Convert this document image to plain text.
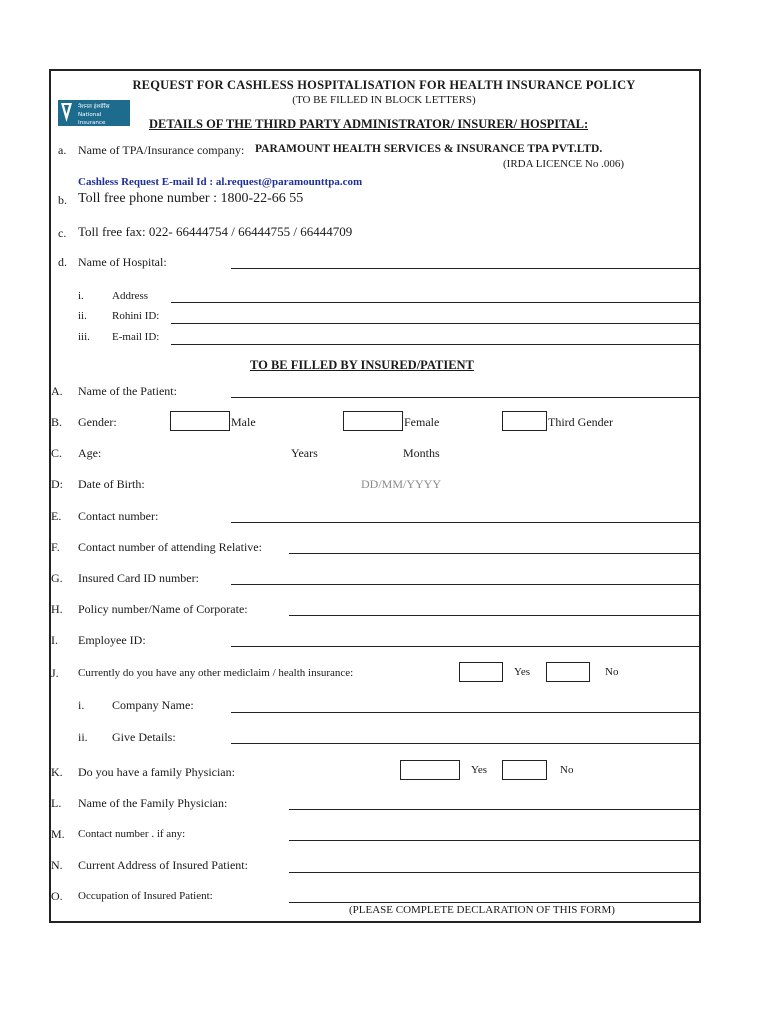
REQUEST FOR CASHLESS HOSPITALISATION FOR HEALTH INSURANCE POLICY
(TO BE FILLED IN BLOCK LETTERS)
नेशनल इंश्योरेंस
National Insurance	DETAILS OF THE THIRD PARTY ADMINISTRATOR/ INSURER/ HOSPITAL:
a. Name of TPA/Insurance company: PARAMOUNT HEALTH SERVICES & INSURANCE TPA PVT.LTD.
(IRDA LICENCE No .006)
Cashless Request E-mail Id : al.request@paramounttpa.com
b. Toll free phone number : 1800-22-66 55
c. Toll free fax: 022- 66444754 / 66444755 / 66444709
d. Name of Hospital:
i.	Address
ii. Rohini ID:
iii. E-mail ID:
TO BE FILLED BY INSURED/PATIENT
A. Name of the Patient:
B. Gender:	Male	Female	Third Gender
C. Age:	Years	Months
D: Date of Birth:	DD/MM/YYYY
E. Contact number:
F. Contact number of attending Relative:
G. Insured Card ID number:
H. Policy number/Name of Corporate:
I. Employee ID:
J. Currently do you have any other mediclaim / health insurance:	Yes	No
i. Company Name:
ii. Give Details:
K. Do you have a family Physician:	Yes	No
L. Name of the Family Physician:
M. Contact number . if any:
N. Current Address of Insured Patient:
O. Occupation of Insured Patient:
(PLEASE COMPLETE DECLARATION OF THIS FORM)
